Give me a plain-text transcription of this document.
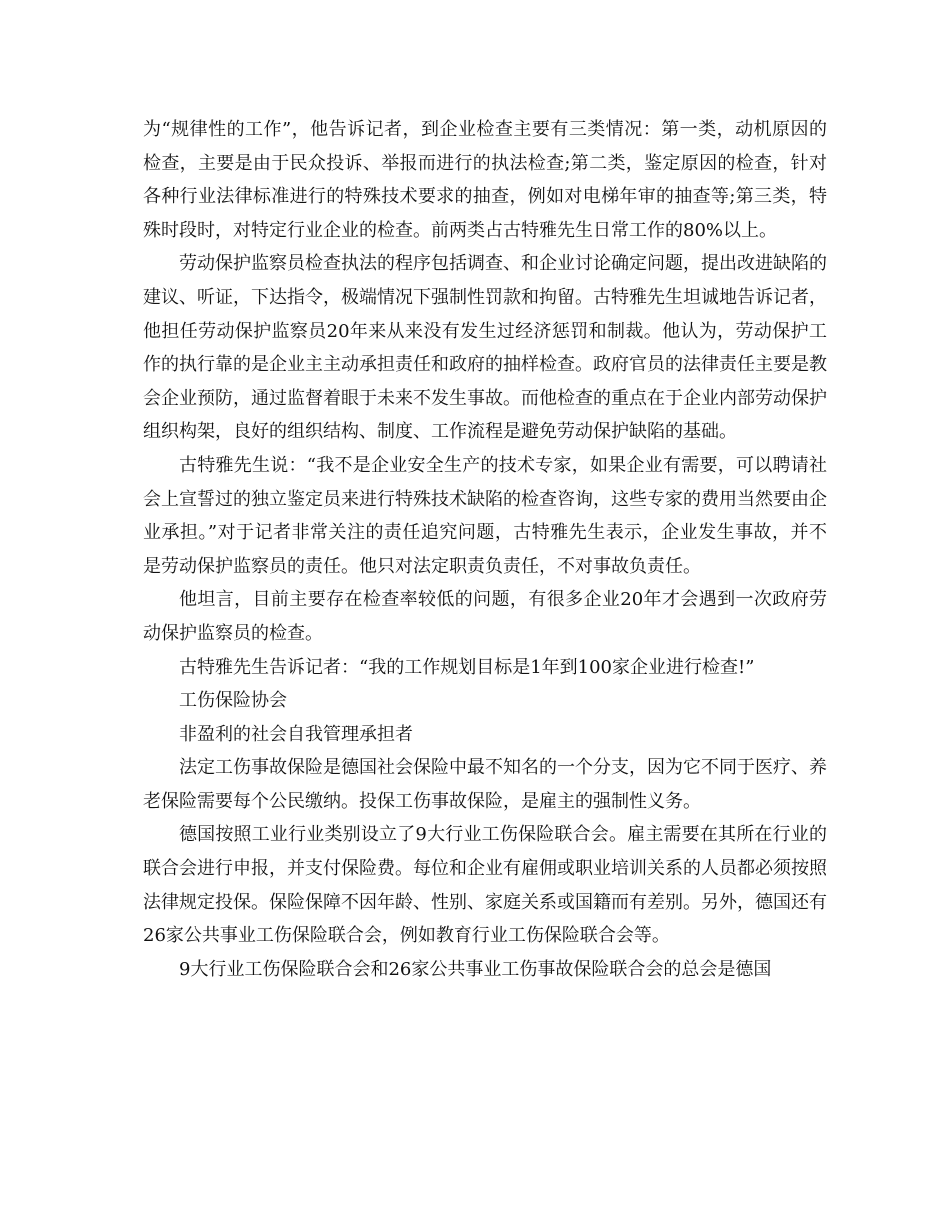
为“规律性的工作”，他告诉记者，到企业检查主要有三类情况：第一类，动机原因的检查，主要是由于民众投诉、举报而进行的执法检查;第二类，鉴定原因的检查，针对各种行业法律标准进行的特殊技术要求的抽查，例如对电梯年审的抽查等;第三类，特殊时段时，对特定行业企业的检查。前两类占古特雅先生日常工作的80%以上。

劳动保护监察员检查执法的程序包括调查、和企业讨论确定问题，提出改进缺陷的建议、听证，下达指令，极端情况下强制性罚款和拘留。古特雅先生坦诚地告诉记者，他担任劳动保护监察员20年来从来没有发生过经济惩罚和制裁。他认为，劳动保护工作的执行靠的是企业主主动承担责任和政府的抽样检查。政府官员的法律责任主要是教会企业预防，通过监督着眼于未来不发生事故。而他检查的重点在于企业内部劳动保护组织构架，良好的组织结构、制度、工作流程是避免劳动保护缺陷的基础。

古特雅先生说：“我不是企业安全生产的技术专家，如果企业有需要，可以聘请社会上宣誓过的独立鉴定员来进行特殊技术缺陷的检查咨询，这些专家的费用当然要由企业承担。”对于记者非常关注的责任追究问题，古特雅先生表示，企业发生事故，并不是劳动保护监察员的责任。他只对法定职责负责任，不对事故负责任。

他坦言，目前主要存在检查率较低的问题，有很多企业20年才会遇到一次政府劳动保护监察员的检查。

古特雅先生告诉记者：“我的工作规划目标是1年到100家企业进行检查!”

工伤保险协会

非盈利的社会自我管理承担者

法定工伤事故保险是德国社会保险中最不知名的一个分支，因为它不同于医疗、养老保险需要每个公民缴纳。投保工伤事故保险，是雇主的强制性义务。

德国按照工业行业类别设立了9大行业工伤保险联合会。雇主需要在其所在行业的联合会进行申报，并支付保险费。每位和企业有雇佣或职业培训关系的人员都必须按照法律规定投保。保险保障不因年龄、性别、家庭关系或国籍而有差别。另外，德国还有26家公共事业工伤保险联合会，例如教育行业工伤保险联合会等。

9大行业工伤保险联合会和26家公共事业工伤事故保险联合会的总会是德国
